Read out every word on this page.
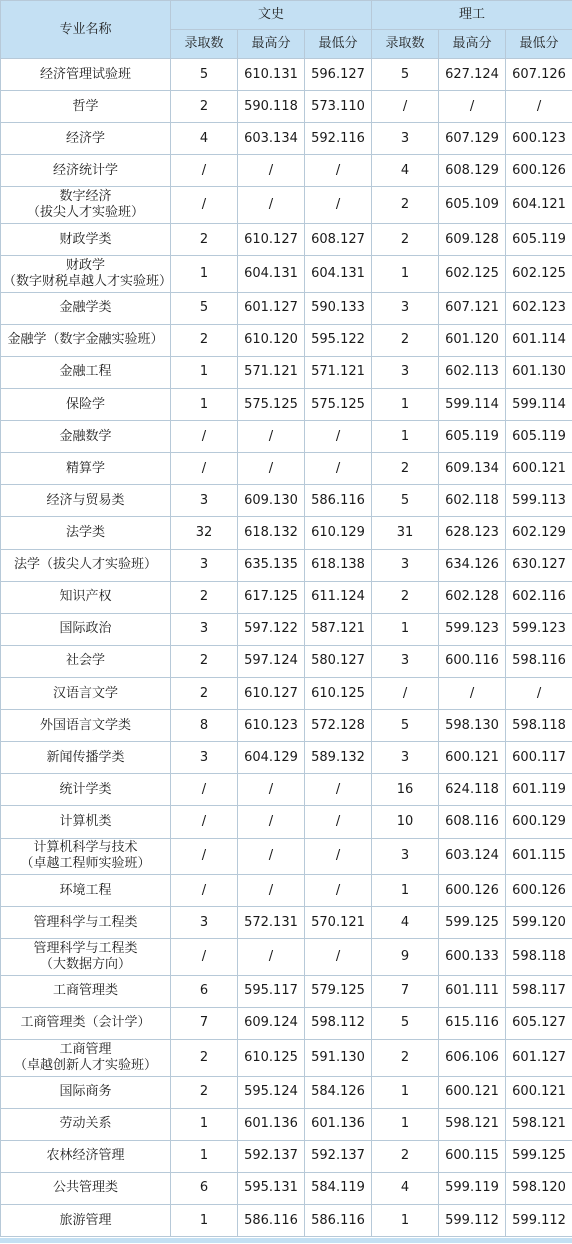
专业名称	文史			理工		
	录取数	最高分	最低分	录取数	最高分	最低分
经济管理试验班	5	610.131	596.127	5	627.124	607.126
哲学	2	590.118	573.110	/	/	/
经济学	4	603.134	592.116	3	607.129	600.123
经济统计学	/	/	/	4	608.129	600.126
数字经济
（拔尖人才实验班）	/	/	/	2	605.109	604.121
财政学类	2	610.127	608.127	2	609.128	605.119
财政学
（数字财税卓越人才实验班）	1	604.131	604.131	1	602.125	602.125
金融学类	5	601.127	590.133	3	607.121	602.123
金融学（数字金融实验班）	2	610.120	595.122	2	601.120	601.114
金融工程	1	571.121	571.121	3	602.113	601.130
保险学	1	575.125	575.125	1	599.114	599.114
金融数学	/	/	/	1	605.119	605.119
精算学	/	/	/	2	609.134	600.121
经济与贸易类	3	609.130	586.116	5	602.118	599.113
法学类	32	618.132	610.129	31	628.123	602.129
法学（拔尖人才实验班）	3	635.135	618.138	3	634.126	630.127
知识产权	2	617.125	611.124	2	602.128	602.116
国际政治	3	597.122	587.121	1	599.123	599.123
社会学	2	597.124	580.127	3	600.116	598.116
汉语言文学	2	610.127	610.125	/	/	/
外国语言文学类	8	610.123	572.128	5	598.130	598.118
新闻传播学类	3	604.129	589.132	3	600.121	600.117
统计学类	/	/	/	16	624.118	601.119
计算机类	/	/	/	10	608.116	600.129
计算机科学与技术
（卓越工程师实验班）	/	/	/	3	603.124	601.115
环境工程	/	/	/	1	600.126	600.126
管理科学与工程类	3	572.131	570.121	4	599.125	599.120
管理科学与工程类
（大数据方向）	/	/	/	9	600.133	598.118
工商管理类	6	595.117	579.125	7	601.111	598.117
工商管理类（会计学）	7	609.124	598.112	5	615.116	605.127
工商管理
（卓越创新人才实验班）	2	610.125	591.130	2	606.106	601.127
国际商务	2	595.124	584.126	1	600.121	600.121
劳动关系	1	601.136	601.136	1	598.121	598.121
农林经济管理	1	592.137	592.137	2	600.115	599.125
公共管理类	6	595.131	584.119	4	599.119	598.120
旅游管理	1	586.116	586.116	1	599.112	599.112
